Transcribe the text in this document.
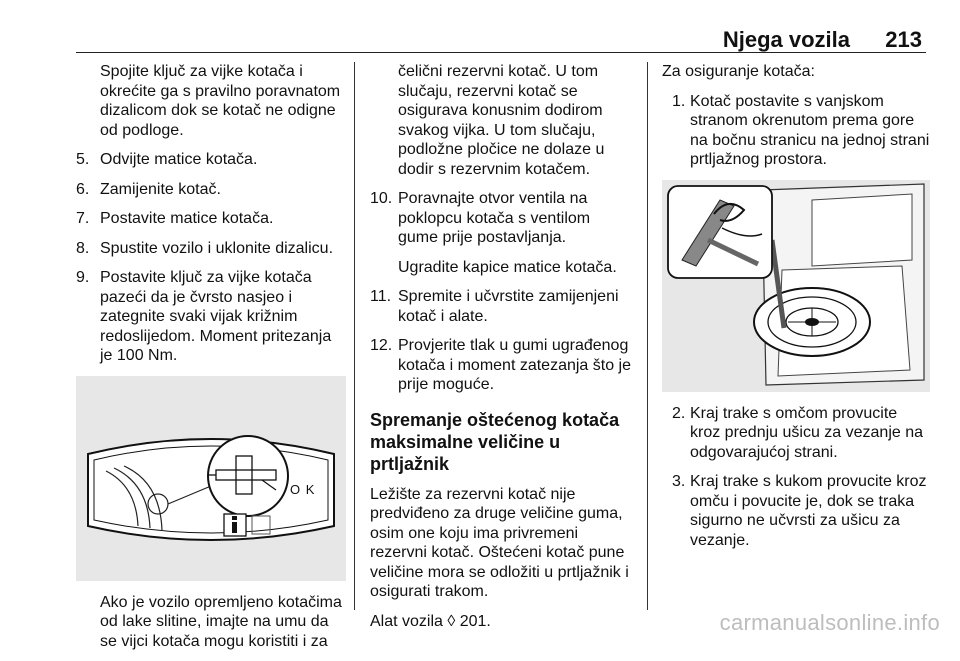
Njega vozila 213

Spojite ključ za vijke kotača i okrećite ga s pravilno poravnatom dizalicom dok se kotač ne odigne od podloge.

5. Odvijte matice kotača.
6. Zamijenite kotač.
7. Postavite matice kotača.
8. Spustite vozilo i uklonite dizalicu.
9. Postavite ključ za vijke kotača pazeći da je čvrsto nasjeo i zategnite svaki vijak križnim redoslijedom. Moment pritezanja je 100 Nm.
O K

Ako je vozilo opremljeno kotačima od lake slitine, imajte na umu da se vijci kotača mogu koristiti i za

čelični rezervni kotač. U tom slučaju, rezervni kotač se osigurava konusnim dodirom svakog vijka. U tom slučaju, podložne pločice ne dolaze u dodir s rezervnim kotačem.

10. Poravnajte otvor ventila na poklopcu kotača s ventilom gume prije postavljanja.

Ugradite kapice matice kotača.

11. Spremite i učvrstite zamijenjeni kotač i alate.
12. Provjerite tlak u gumi ugrađenog kotača i moment zatezanja što je prije moguće.
Spremanje oštećenog kotača maksimalne veličine u prtljažnik

Ležište za rezervni kotač nije predviđeno za druge veličine guma, osim one koju ima privremeni rezervni kotač. Oštećeni kotač pune veličine mora se odložiti u prtljažnik i osigurati trakom.

Alat vozila ◊ 201.

Za osiguranje kotača:

1. Kotač postavite s vanjskom stranom okrenutom prema gore na bočnu stranicu na jednoj strani prtljažnog prostora.
2. Kraj trake s omčom provucite kroz prednju ušicu za vezanje na odgovarajućoj strani.
3. Kraj trake s kukom provucite kroz omču i povucite je, dok se traka sigurno ne učvrsti za ušicu za vezanje.
carmanualsonline.info
